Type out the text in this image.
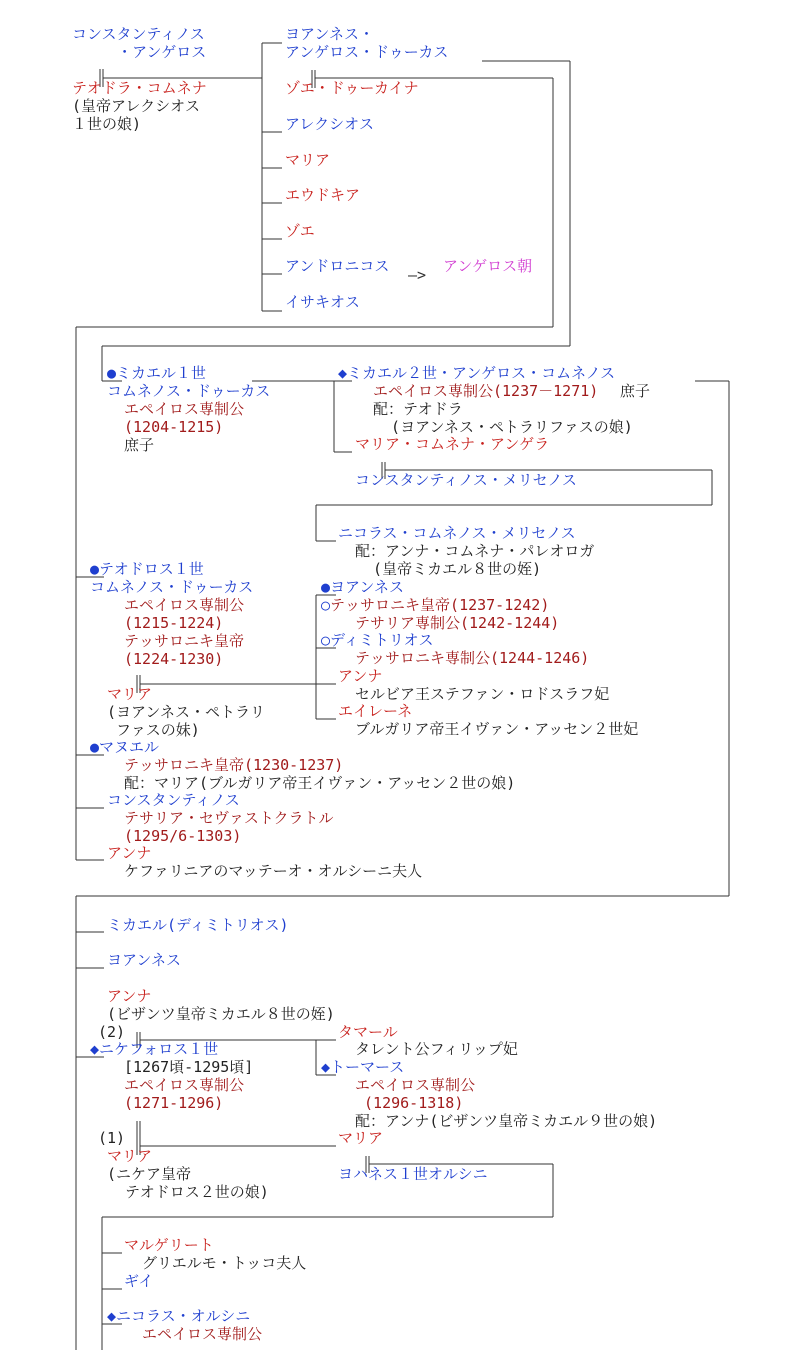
—>
コンスタンティノス
・アンゲロス
テオドラ・コムネナ
(皇帝アレクシオス
１世の娘)
ヨアンネス・
アンゲロス・ドゥーカス
ゾエ・ドゥーカイナ
アレクシオス
マリア
エウドキア
ゾエ
アンドロニコス	アンゲロス朝
イサキオス
●ミカエル１世
コムネノス・ドゥーカス
エペイロス専制公
(1204-1215)
庶子
◆ミカエル２世・アンゲロス・コムネノス
エペイロス専制公(1237－1271) 庶子
配：テオドラ
(ヨアンネス・ペトラリファスの娘)
マリア・コムネナ・アンゲラ
コンスタンティノス・メリセノス
ニコラス・コムネノス・メリセノス
配：アンナ・コムネナ・パレオロガ
(皇帝ミカエル８世の姪)
●テオドロス１世
コムネノス・ドゥーカス
エペイロス専制公
(1215-1224)
テッサロニキ皇帝
(1224-1230)
マリア
(ヨアンネス・ペトラリ
ファスの妹)
●ヨアンネス
○テッサロニキ皇帝(1237-1242)
テサリア専制公(1242-1244)
○ディミトリオス
テッサロニキ専制公(1244-1246)
アンナ
セルビア王ステファン・ロドスラフ妃
エイレーネ
ブルガリア帝王イヴァン・アッセン２世妃
●マヌエル
テッサロニキ皇帝(1230-1237)
配：マリア(ブルガリア帝王イヴァン・アッセン２世の娘)
コンスタンティノス
テサリア・セヴァストクラトル
(1295/6-1303)
アンナ
ケファリニアのマッテーオ・オルシーニ夫人
ミカエル(ディミトリオス)
ヨアンネス
アンナ
(ビザンツ皇帝ミカエル８世の姪)
(2)
◆ニケフォロス１世
[1267頃-1295頃]
エペイロス専制公
(1271-1296)
(1)
マリア
(ニケア皇帝
テオドロス２世の娘)
タマール
タレント公フィリップ妃
◆トーマース
エペイロス専制公
(1296-1318)
配：アンナ(ビザンツ皇帝ミカエル９世の娘)
マリア
ヨハネス１世オルシニ
マルゲリート
グリエルモ・トッコ夫人
ギイ
◆ニコラス・オルシニ
エペイロス専制公
